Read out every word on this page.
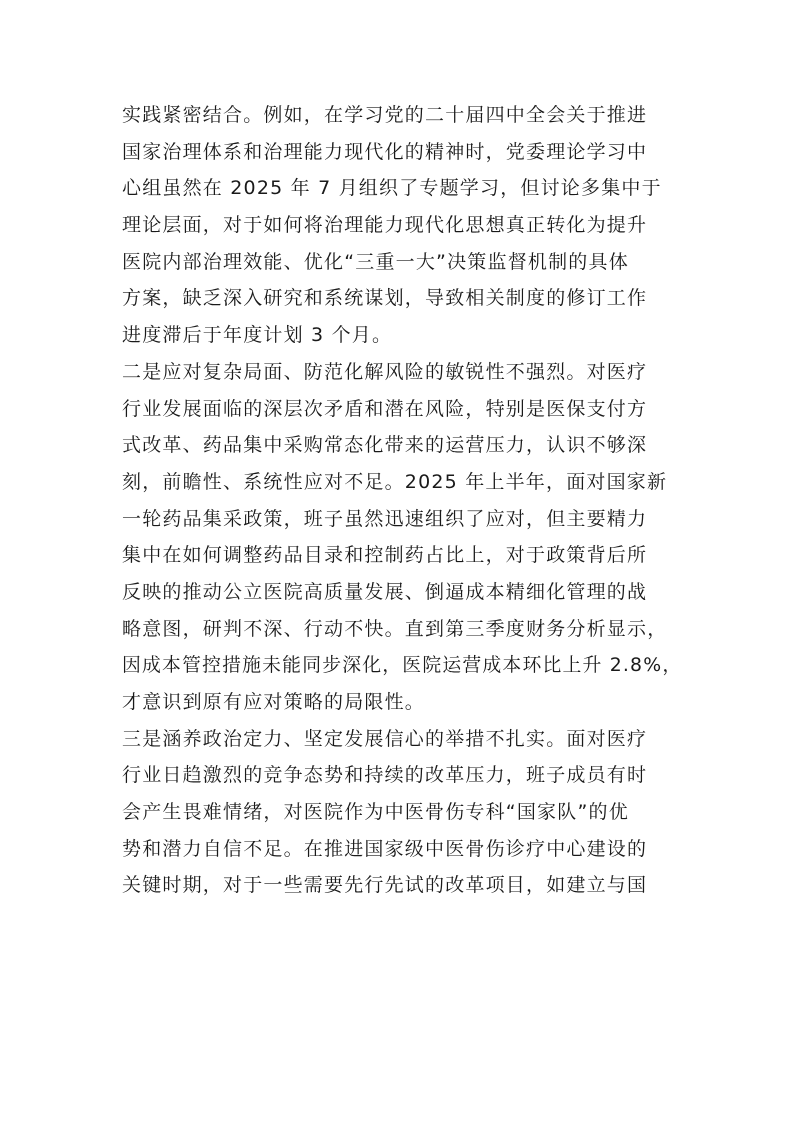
实践紧密结合。例如，在学习党的二十届四中全会关于推进
国家治理体系和治理能力现代化的精神时，党委理论学习中
心组虽然在 2025 年 7 月组织了专题学习，但讨论多集中于
理论层面，对于如何将治理能力现代化思想真正转化为提升
医院内部治理效能、优化“三重一大”决策监督机制的具体
方案，缺乏深入研究和系统谋划，导致相关制度的修订工作
进度滞后于年度计划 3 个月。
二是应对复杂局面、防范化解风险的敏锐性不强烈。对医疗
行业发展面临的深层次矛盾和潜在风险，特别是医保支付方
式改革、药品集中采购常态化带来的运营压力，认识不够深
刻，前瞻性、系统性应对不足。2025 年上半年，面对国家新
一轮药品集采政策，班子虽然迅速组织了应对，但主要精力
集中在如何调整药品目录和控制药占比上，对于政策背后所
反映的推动公立医院高质量发展、倒逼成本精细化管理的战
略意图，研判不深、行动不快。直到第三季度财务分析显示，
因成本管控措施未能同步深化，医院运营成本环比上升 2.8%，
才意识到原有应对策略的局限性。
三是涵养政治定力、坚定发展信心的举措不扎实。面对医疗
行业日趋激烈的竞争态势和持续的改革压力，班子成员有时
会产生畏难情绪，对医院作为中医骨伤专科“国家队”的优
势和潜力自信不足。在推进国家级中医骨伤诊疗中心建设的
关键时期，对于一些需要先行先试的改革项目，如建立与国
